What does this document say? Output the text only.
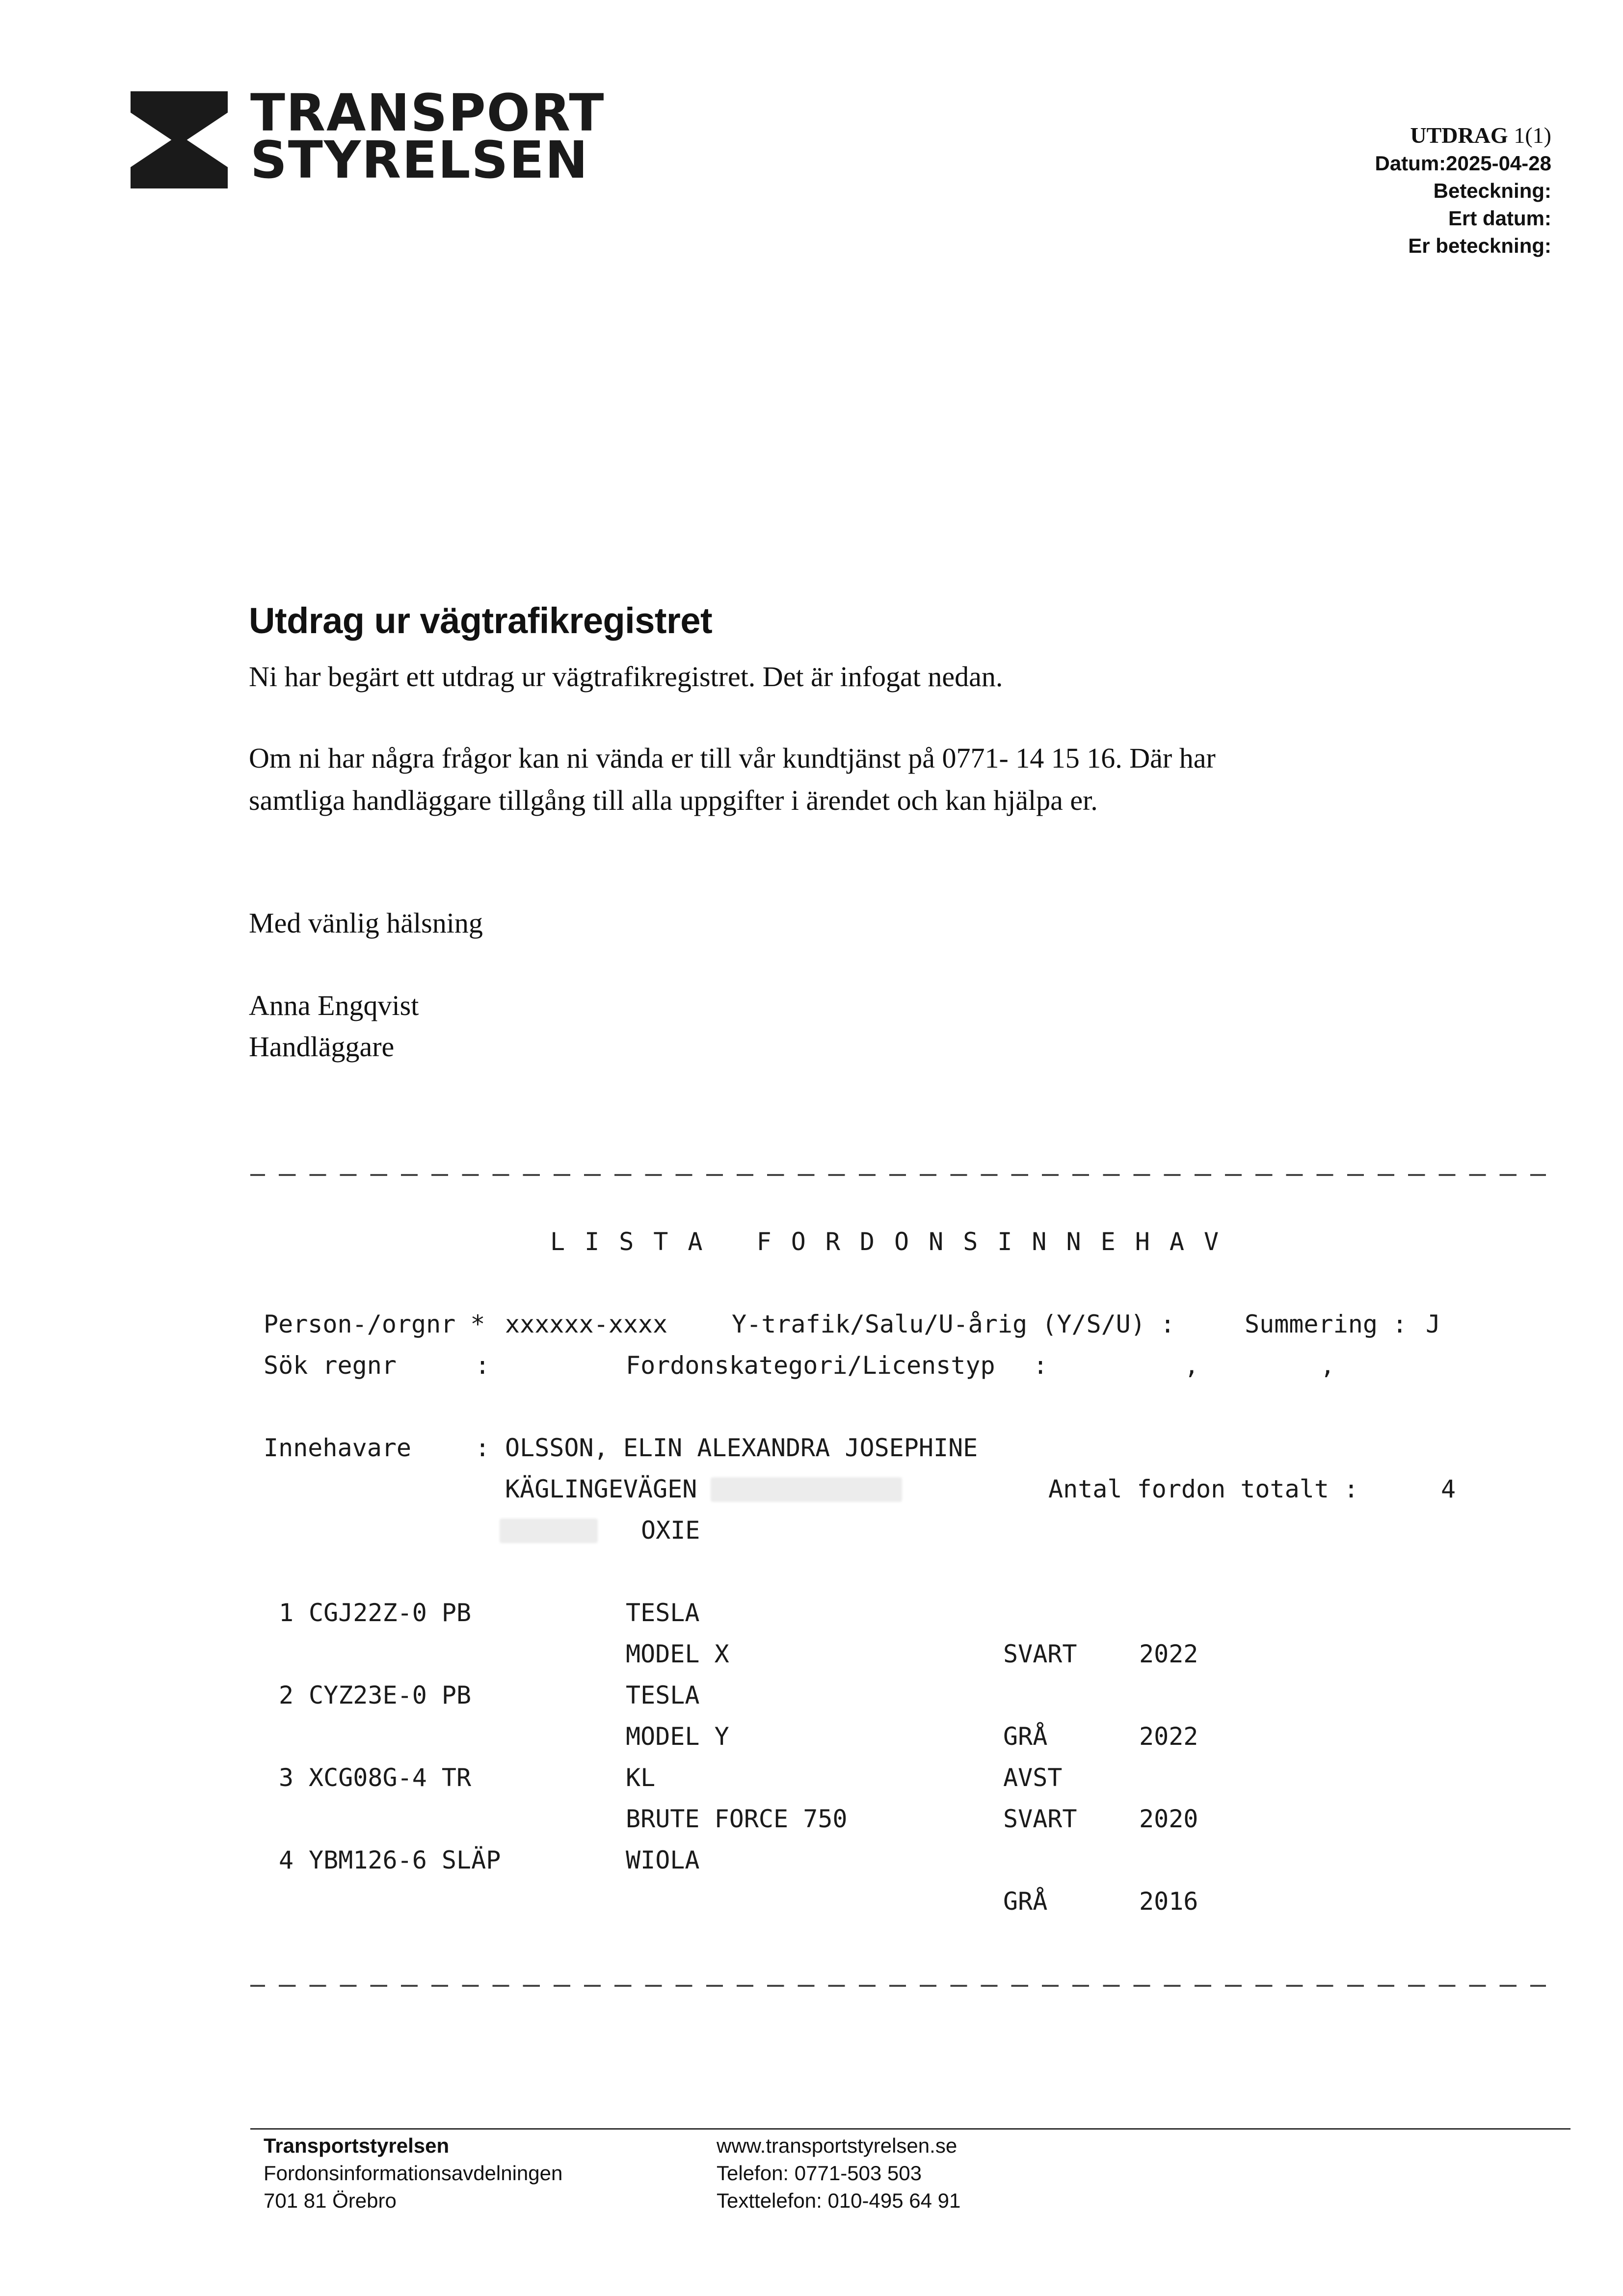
TRANSPORT
STYRELSEN	UTDRAG 1(1)
Datum:2025-04-28
Beteckning:
Ert datum:
Er beteckning:
Utdrag ur vägtrafikregistret
Ni har begärt ett utdrag ur vägtrafikregistret. Det är infogat nedan.
Om ni har några frågor kan ni vända er till vår kundtjänst på 0771- 14 15 16. Där har
samtliga handläggare tillgång till alla uppgifter i ärendet och kan hjälpa er.
Med vänlig hälsning
Anna Engqvist
Handläggare
LISTA FORDONSINNEHAV
Person-/orgnr * xxxxxx-xxxx	Y-trafik/Salu/U-årig (Y/S/U) :	Summering : J
Sök regnr	:	Fordonskategori/Licenstyp :	,	,
Innehavare	: OLSSON, ELIN ALEXANDRA JOSEPHINE
KÄGLINGEVÄGEN	Antal fordon totalt :	4
OXIE
1 CGJ22Z-0 PB	TESLA
MODEL X	SVART	2022
2 CYZ23E-0 PB	TESLA
MODEL Y	GRÅ	2022
3 XCG08G-4 TR	KL	AVST
BRUTE FORCE 750	SVART	2020
4 YBM126-6 SLÄP	WIOLA
GRÅ	2016
Transportstyrelsen
Fordonsinformationsavdelningen
701 81 Örebro
www.transportstyrelsen.se
Telefon: 0771-503 503
Texttelefon: 010-495 64 91
